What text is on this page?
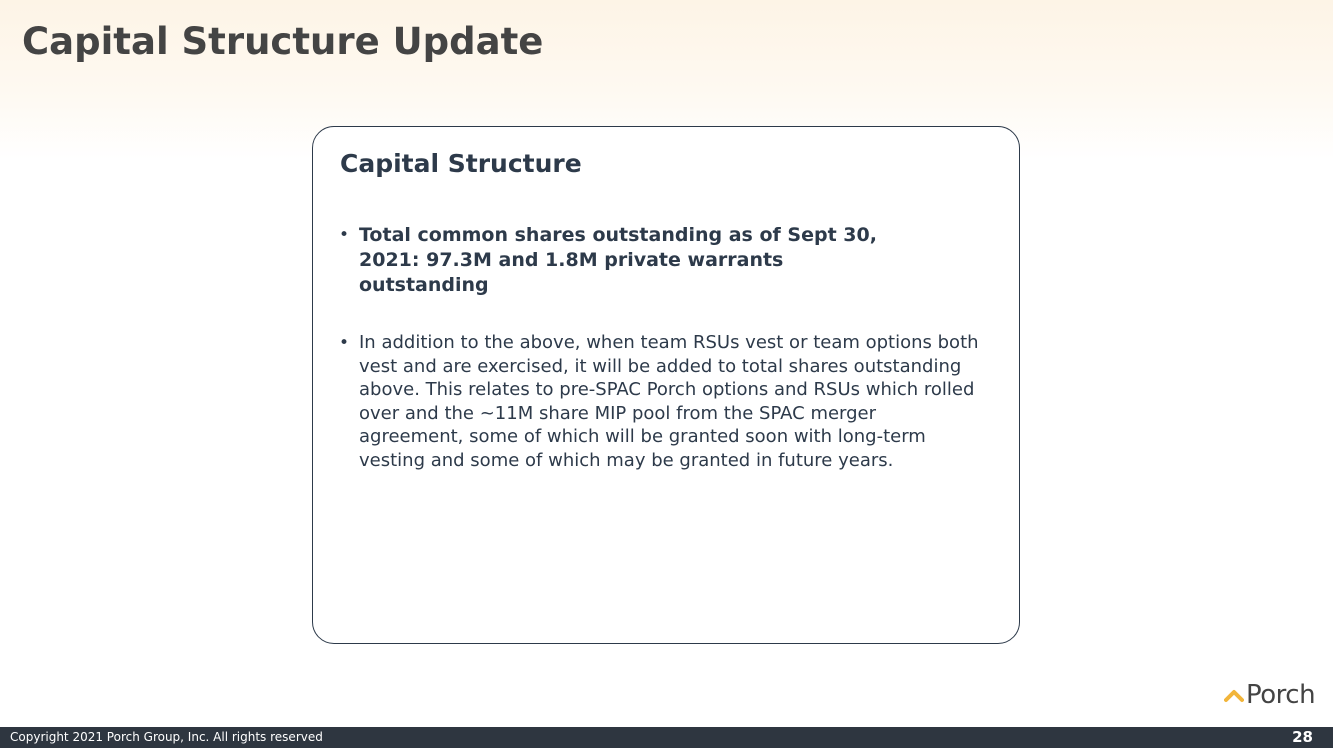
Capital Structure Update
Capital Structure
• Total common shares outstanding as of Sept 30,
2021: 97.3M and 1.8M private warrants outstanding
• In addition to the above, when team RSUs vest or team options both vest and are exercised, it will be added to total shares outstanding above. This relates to pre-SPAC Porch options and RSUs which rolled over and the ~11M share MIP pool from the SPAC merger agreement, some of which will be granted soon with long-term vesting and some of which may be granted in future years.
Porch
Copyright 2021 Porch Group, Inc. All rights reserved	28
